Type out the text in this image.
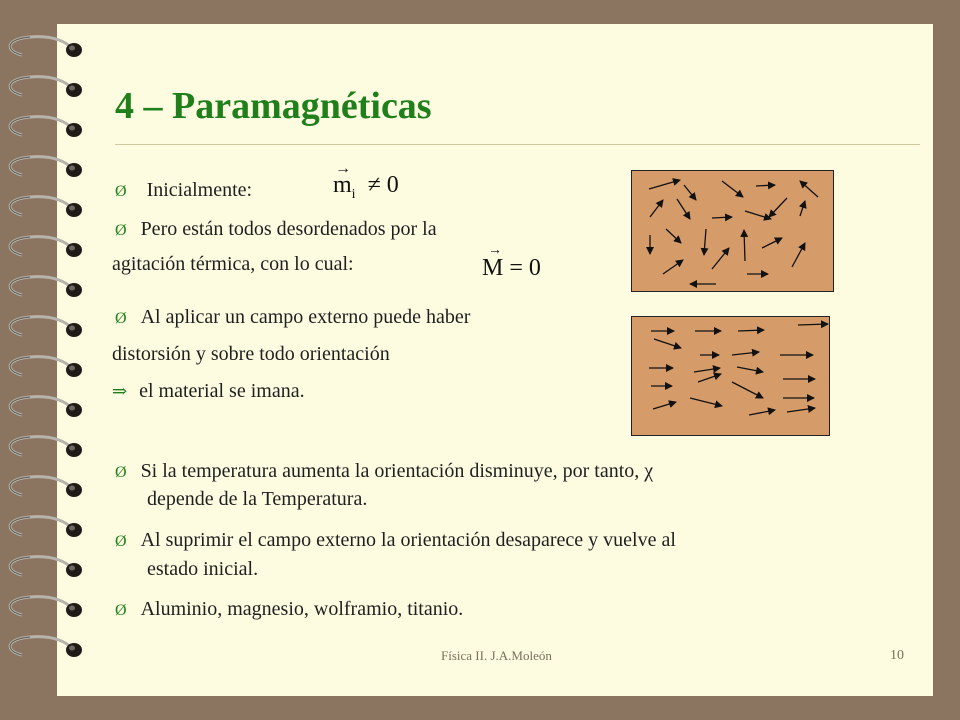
4 – Paramagnéticas
Ø Inicialmente:
→
$m_i \ne 0$
Ø Pero están todos desordenados por la
agitación térmica, con lo cual:
→
M = 0
Ø Al aplicar un campo externo puede haber
distorsión y sobre todo orientación
⇒ el material se imana.
Ø Si la temperatura aumenta la orientación disminuye, por tanto, χ
depende de la Temperatura.
Ø Al suprimir el campo externo la orientación desaparece y vuelve al
estado inicial.
Ø Aluminio, magnesio, wolframio, titanio.
Física II. J.A.Moleón	10
